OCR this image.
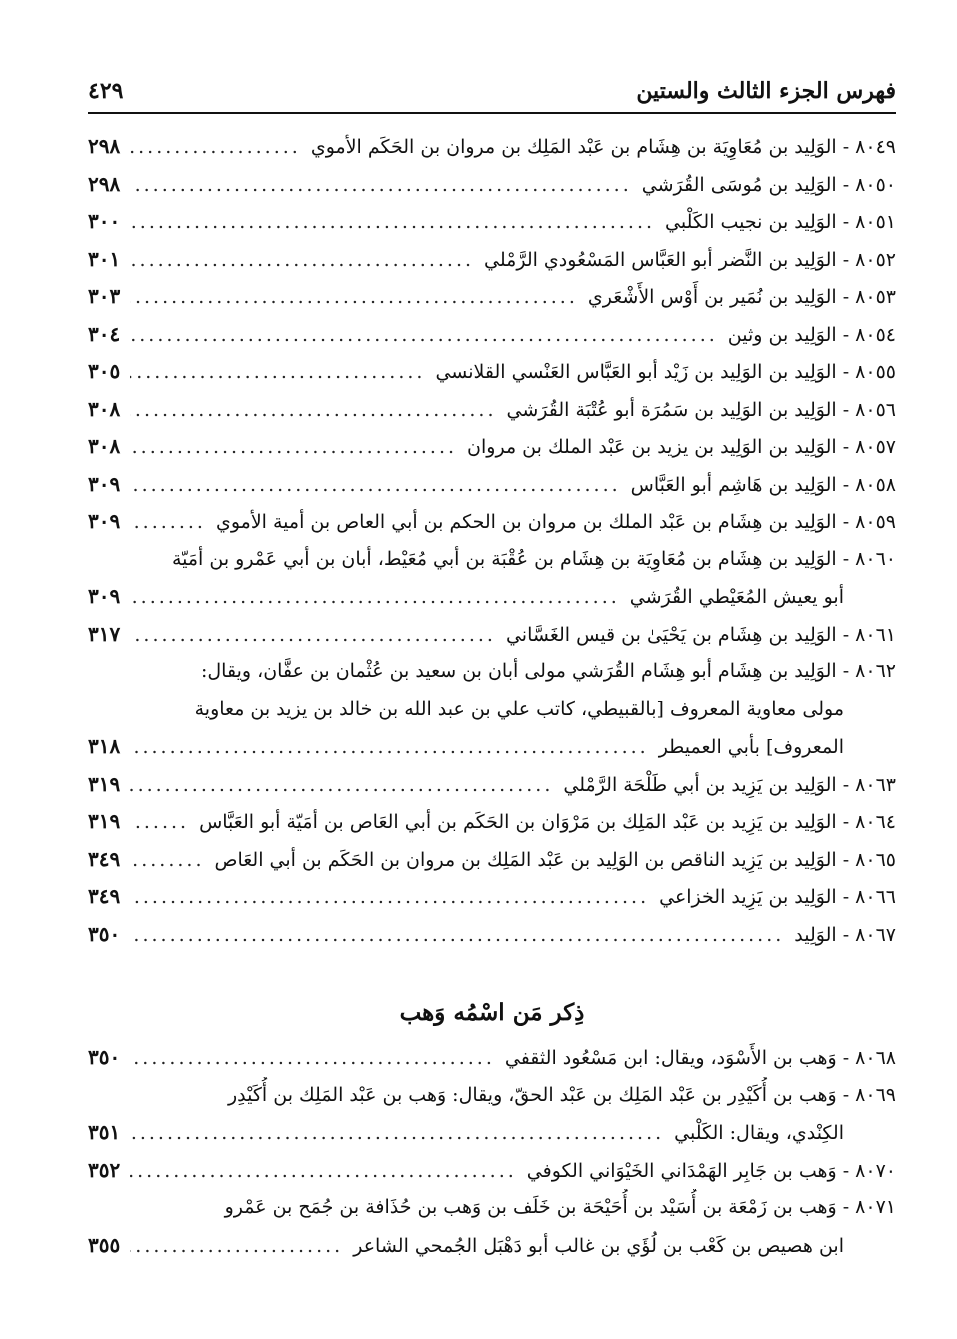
فهرس الجزء الثالث والستين
٤٢٩
٨٠٤٩ - الوَلِيد بن مُعَاوِيَة بن هِشَام بن عَبْد المَلِك بن مروان بن الحَكَم الأموي
.....
٢٩٨
٨٠٥٠ - الوَلِيد بن مُوسَى القُرَشي
.....
٢٩٨
٨٠٥١ - الوَلِيد بن نجيب الكَلْبي
.....
٣٠٠
٨٠٥٢ - الوَلِيد بن النَّضر أبو العَبَّاس المَسْعُودي الرَّمْلي
.....
٣٠١
٨٠٥٣ - الوَلِيد بن نُمَير بن أَوْس الأَشْعَري
.....
٣٠٣
٨٠٥٤ - الوَلِيد بن وثين
.....
٣٠٤
٨٠٥٥ - الوَلِيد بن الوَلِيد بن زَيْد أبو العَبَّاس العَنْسي القلانسي
.....
٣٠٥
٨٠٥٦ - الوَلِيد بن الوَلِيد بن سَمُرَة أبو عُتْبَة القُرَشي
.....
٣٠٨
٨٠٥٧ - الوَلِيد بن الوَلِيد بن يزيد بن عَبْد الملك بن مروان
.....
٣٠٨
٨٠٥٨ - الوَلِيد بن هَاشِم أبو العَبَّاس
.....
٣٠٩
٨٠٥٩ - الوَلِيد بن هِشَام بن عَبْد الملك بن مروان بن الحكم بن أبي العاص بن أمية الأموي
.....
٣٠٩
٨٠٦٠ - الوَلِيد بن هِشَام بن مُعَاوِيَة بن هِشَام بن عُقْبَة بن أبي مُعَيْط، أبان بن أبي عَمْرو بن أمَيّة
أبو يعيش المُعَيْطي القُرَشي
.....
٣٠٩
٨٠٦١ - الوَلِيد بن هِشَام بن يَحْيَىٰ بن قيس الغَسَّاني
.....
٣١٧
٨٠٦٢ - الوَلِيد بن هِشَام أبو هِشَام القُرَشي مولى أبان بن سعيد بن عُثْمان بن عفَّان، ويقال:
مولى معاوية المعروف [بالقبيطي، كاتب علي بن عبد الله بن خالد بن يزيد بن معاوية
المعروف] بأبي العميطر
.....
٣١٨
٨٠٦٣ - الوَلِيد بن يَزِيد بن أبي طَلْحَة الرَّمْلي
.....
٣١٩
٨٠٦٤ - الوَلِيد بن يَزِيد بن عَبْد المَلِك بن مَرْوَان بن الحَكَم بن أبي العَاص بن أمَيّة أبو العَبَّاس
.....
٣١٩
٨٠٦٥ - الوَلِيد بن يَزِيد الناقص بن الوَلِيد بن عَبْد المَلِك بن مروان بن الحَكَم بن أبي العَاص
.....
٣٤٩
٨٠٦٦ - الوَلِيد بن يَزِيد الخزاعي
.....
٣٤٩
٨٠٦٧ - الوَلِيد
.....
٣٥٠
ذِكر مَن اسْمُه وَهب
٨٠٦٨ - وَهب بن الأَسْوَد، ويقال: ابن مَسْعُود الثقفي
.....
٣٥٠
٨٠٦٩ - وَهب بن أُكَيْدِر بن عَبْد المَلِك بن عَبْد الحقّ، ويقال: وَهب بن عَبْد المَلِك بن أُكَيْدِر
الكِنْدي، ويقال: الكَلْبي
.....
٣٥١
٨٠٧٠ - وَهب بن جَابِر الهَمْدَاني الخَيْوَاني الكوفي
.....
٣٥٢
٨٠٧١ - وَهب بن زَمْعَة بن أُسَيْد بن أُحَيْحَة بن خَلَف بن وَهب بن حُذَافة بن جُمَح بن عَمْرو
ابن هصيص بن كَعْب بن لُؤَي بن غالب أبو دَهْبَل الجُمحي الشاعر
.....
٣٥٥
